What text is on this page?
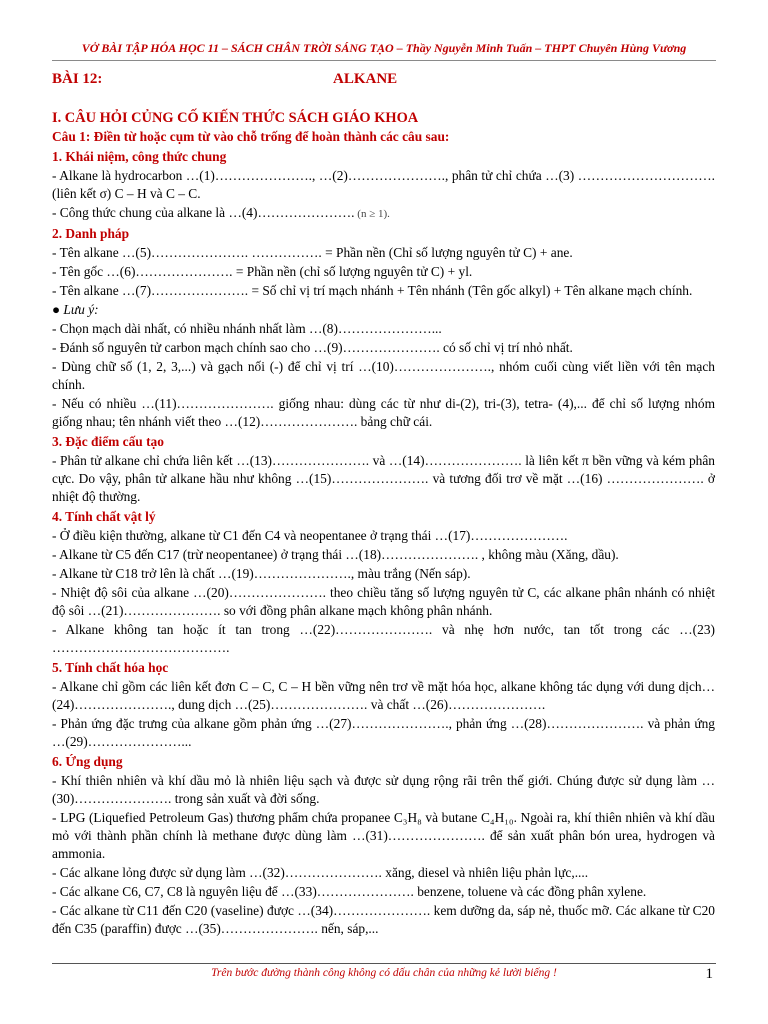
VỞ BÀI TẬP HÓA HỌC 11 – SÁCH CHÂN TRỜI SÁNG TẠO – Thầy Nguyễn Minh Tuấn – THPT Chuyên Hùng Vương
BÀI 12:	ALKANE

I. CÂU HỎI CỦNG CỐ KIẾN THỨC SÁCH GIÁO KHOA

Câu 1: Điền từ hoặc cụm từ vào chỗ trống để hoàn thành các câu sau:

1. Khái niệm, công thức chung

- Alkane là hydrocarbon …(1)…………………., …(2)…………………., phân tử chỉ chứa …(3) …………………………. (liên kết σ) C – H và C – C.

- Công thức chung của alkane là …(4)…………………. (n ≥ 1).

2. Danh pháp

- Tên alkane …(5)…………………. ……………. = Phần nền (Chỉ số lượng nguyên tử C) + ane.

- Tên gốc …(6)…………………. = Phần nền (chỉ số lượng nguyên tử C) + yl.

- Tên alkane …(7)…………………. = Số chỉ vị trí mạch nhánh + Tên nhánh (Tên gốc alkyl) + Tên alkane mạch chính.

● Lưu ý:

- Chọn mạch dài nhất, có nhiều nhánh nhất làm …(8)…………………...

- Đánh số nguyên tử carbon mạch chính sao cho …(9)…………………. có số chỉ vị trí nhỏ nhất.

- Dùng chữ số (1, 2, 3,...) và gạch nối (-) để chỉ vị trí …(10)…………………., nhóm cuối cùng viết liền với tên mạch chính.

- Nếu có nhiều …(11)…………………. giống nhau: dùng các từ như di-(2), tri-(3), tetra- (4),... để chỉ số lượng nhóm giống nhau; tên nhánh viết theo …(12)…………………. bảng chữ cái.

3. Đặc điểm cấu tạo

- Phân tử alkane chỉ chứa liên kết …(13)…………………. và …(14)…………………. là liên kết π bền vững và kém phân cực. Do vậy, phân tử alkane hầu như không …(15)…………………. và tương đối trơ về mặt …(16) …………………. ở nhiệt độ thường.

4. Tính chất vật lý

- Ở điều kiện thường, alkane từ C1 đến C4 và neopentanee ở trạng thái …(17)………………….

- Alkane từ C5 đến C17 (trừ neopentanee) ở trạng thái …(18)…………………. , không màu (Xăng, dầu).

- Alkane từ C18 trở lên là chất …(19)…………………., màu trắng (Nến sáp).

- Nhiệt độ sôi của alkane …(20)…………………. theo chiều tăng số lượng nguyên tử C, các alkane phân nhánh có nhiệt độ sôi …(21)…………………. so với đồng phân alkane mạch không phân nhánh.

- Alkane không tan hoặc ít tan trong …(22)…………………. và nhẹ hơn nước, tan tốt trong các …(23) ………………………………….

5. Tính chất hóa học

- Alkane chỉ gồm các liên kết đơn C – C, C – H bền vững nên trơ về mặt hóa học, alkane không tác dụng với dung dịch…(24)…………………., dung dịch …(25)…………………. và chất …(26)………………….

- Phản ứng đặc trưng của alkane gồm phản ứng …(27)…………………., phản ứng …(28)…………………. và phản ứng …(29)…………………...

6. Ứng dụng

- Khí thiên nhiên và khí dầu mỏ là nhiên liệu sạch và được sử dụng rộng rãi trên thế giới. Chúng được sử dụng làm …(30)…………………. trong sản xuất và đời sống.

- LPG (Liquefied Petroleum Gas) thương phẩm chứa propanee C₃H₈ và butane C₄H₁₀. Ngoài ra, khí thiên nhiên và khí dầu mỏ với thành phần chính là methane được dùng làm …(31)…………………. để sản xuất phân bón urea, hydrogen và ammonia.

- Các alkane lỏng được sử dụng làm …(32)…………………. xăng, diesel và nhiên liệu phản lực,....

- Các alkane C6, C7, C8 là nguyên liệu để …(33)…………………. benzene, toluene và các đồng phân xylene.

- Các alkane từ C11 đến C20 (vaseline) được …(34)…………………. kem dưỡng da, sáp nẻ, thuốc mỡ. Các alkane từ C20 đến C35 (paraffin) được …(35)…………………. nến, sáp,...

Trên bước đường thành công không có dấu chân của những kẻ lười biếng !	1
